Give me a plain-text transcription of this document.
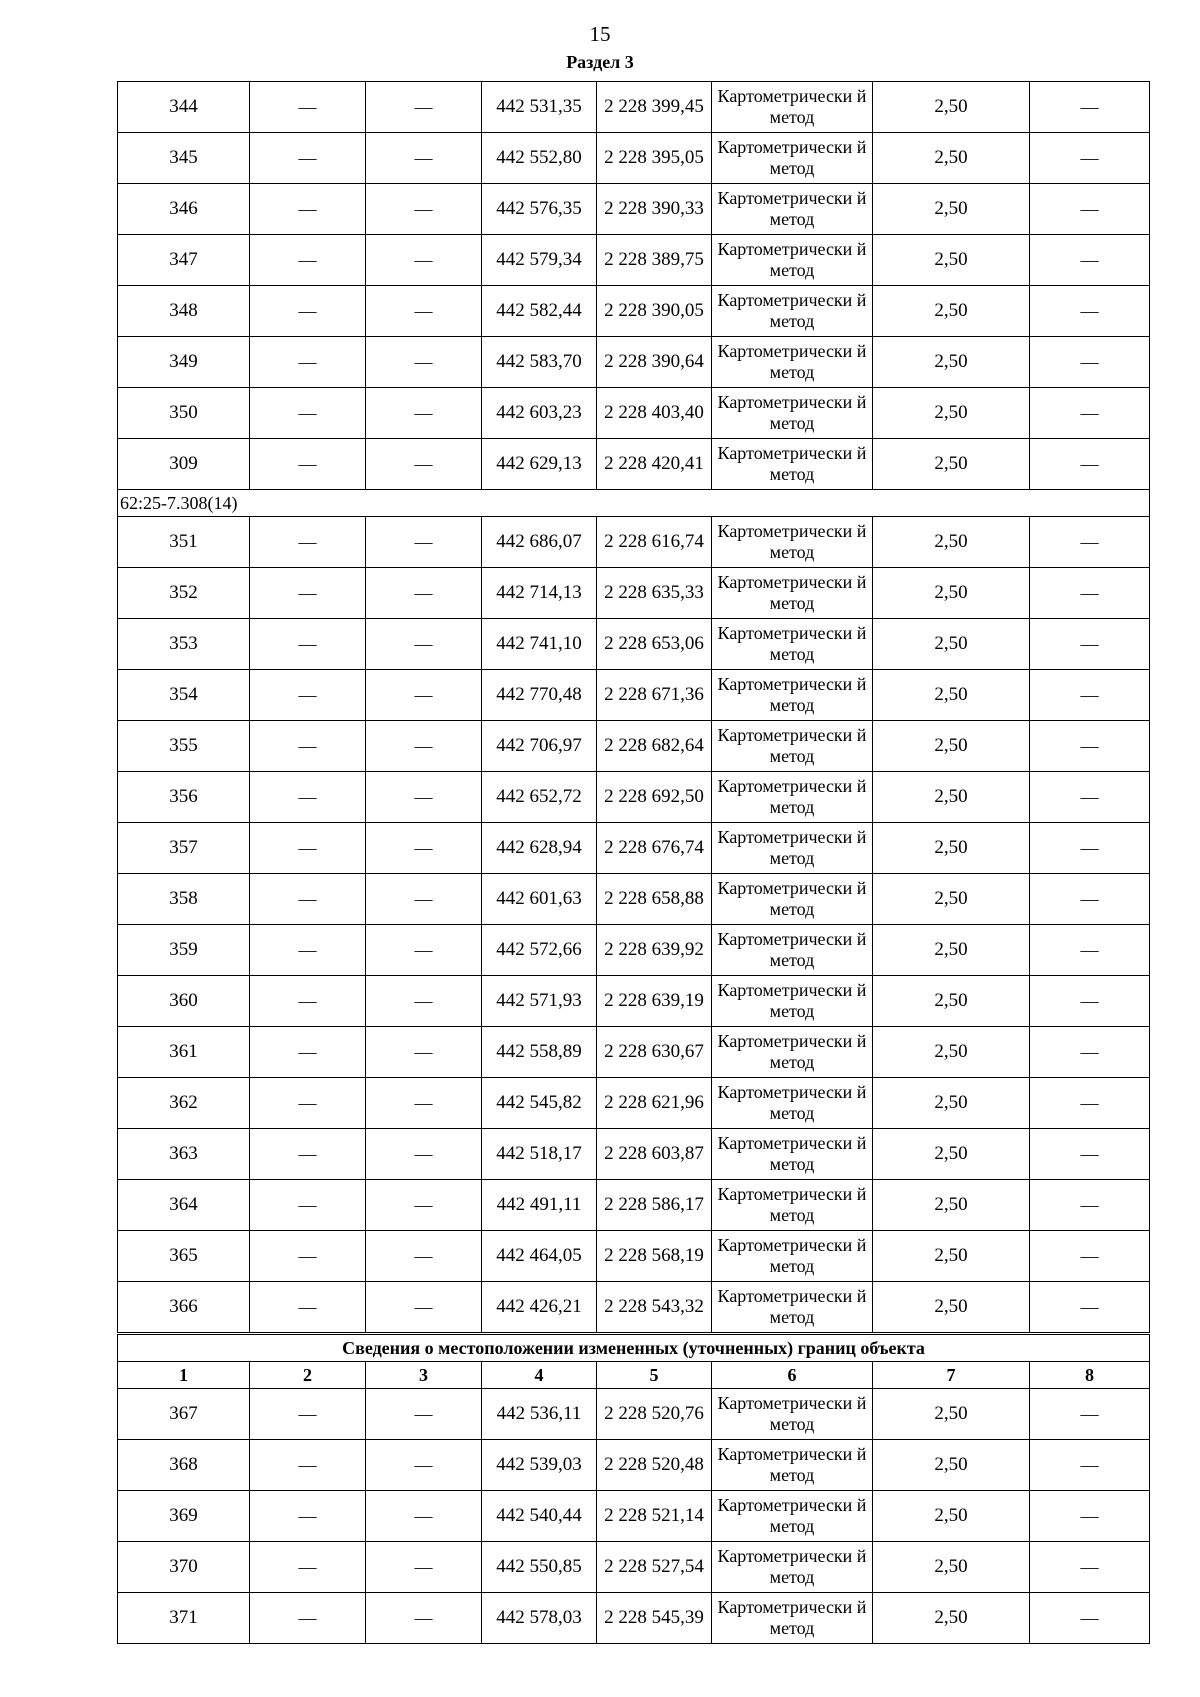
15
Раздел 3
344	—	—	442 531,35	2 228 399,45	Картометрически й метод	2,50	—
345	—	—	442 552,80	2 228 395,05	Картометрически й метод	2,50	—
346	—	—	442 576,35	2 228 390,33	Картометрически й метод	2,50	—
347	—	—	442 579,34	2 228 389,75	Картометрически й метод	2,50	—
348	—	—	442 582,44	2 228 390,05	Картометрически й метод	2,50	—
349	—	—	442 583,70	2 228 390,64	Картометрически й метод	2,50	—
350	—	—	442 603,23	2 228 403,40	Картометрически й метод	2,50	—
309	—	—	442 629,13	2 228 420,41	Картометрически й метод	2,50	—
62:25-7.308(14)							
351	—	—	442 686,07	2 228 616,74	Картометрически й метод	2,50	—
352	—	—	442 714,13	2 228 635,33	Картометрически й метод	2,50	—
353	—	—	442 741,10	2 228 653,06	Картометрически й метод	2,50	—
354	—	—	442 770,48	2 228 671,36	Картометрически й метод	2,50	—
355	—	—	442 706,97	2 228 682,64	Картометрически й метод	2,50	—
356	—	—	442 652,72	2 228 692,50	Картометрически й метод	2,50	—
357	—	—	442 628,94	2 228 676,74	Картометрически й метод	2,50	—
358	—	—	442 601,63	2 228 658,88	Картометрически й метод	2,50	—
359	—	—	442 572,66	2 228 639,92	Картометрически й метод	2,50	—
360	—	—	442 571,93	2 228 639,19	Картометрически й метод	2,50	—
361	—	—	442 558,89	2 228 630,67	Картометрически й метод	2,50	—
362	—	—	442 545,82	2 228 621,96	Картометрически й метод	2,50	—
363	—	—	442 518,17	2 228 603,87	Картометрически й метод	2,50	—
364	—	—	442 491,11	2 228 586,17	Картометрически й метод	2,50	—
365	—	—	442 464,05	2 228 568,19	Картометрически й метод	2,50	—
366	—	—	442 426,21	2 228 543,32	Картометрически й метод	2,50	—
Сведения о местоположении измененных (уточненных) границ объекта							
1	2	3	4	5	6	7	8
367	—	—	442 536,11	2 228 520,76	Картометрически й метод	2,50	—
368	—	—	442 539,03	2 228 520,48	Картометрически й метод	2,50	—
369	—	—	442 540,44	2 228 521,14	Картометрически й метод	2,50	—
370	—	—	442 550,85	2 228 527,54	Картометрически й метод	2,50	—
371	—	—	442 578,03	2 228 545,39	Картометрически й метод	2,50	—
